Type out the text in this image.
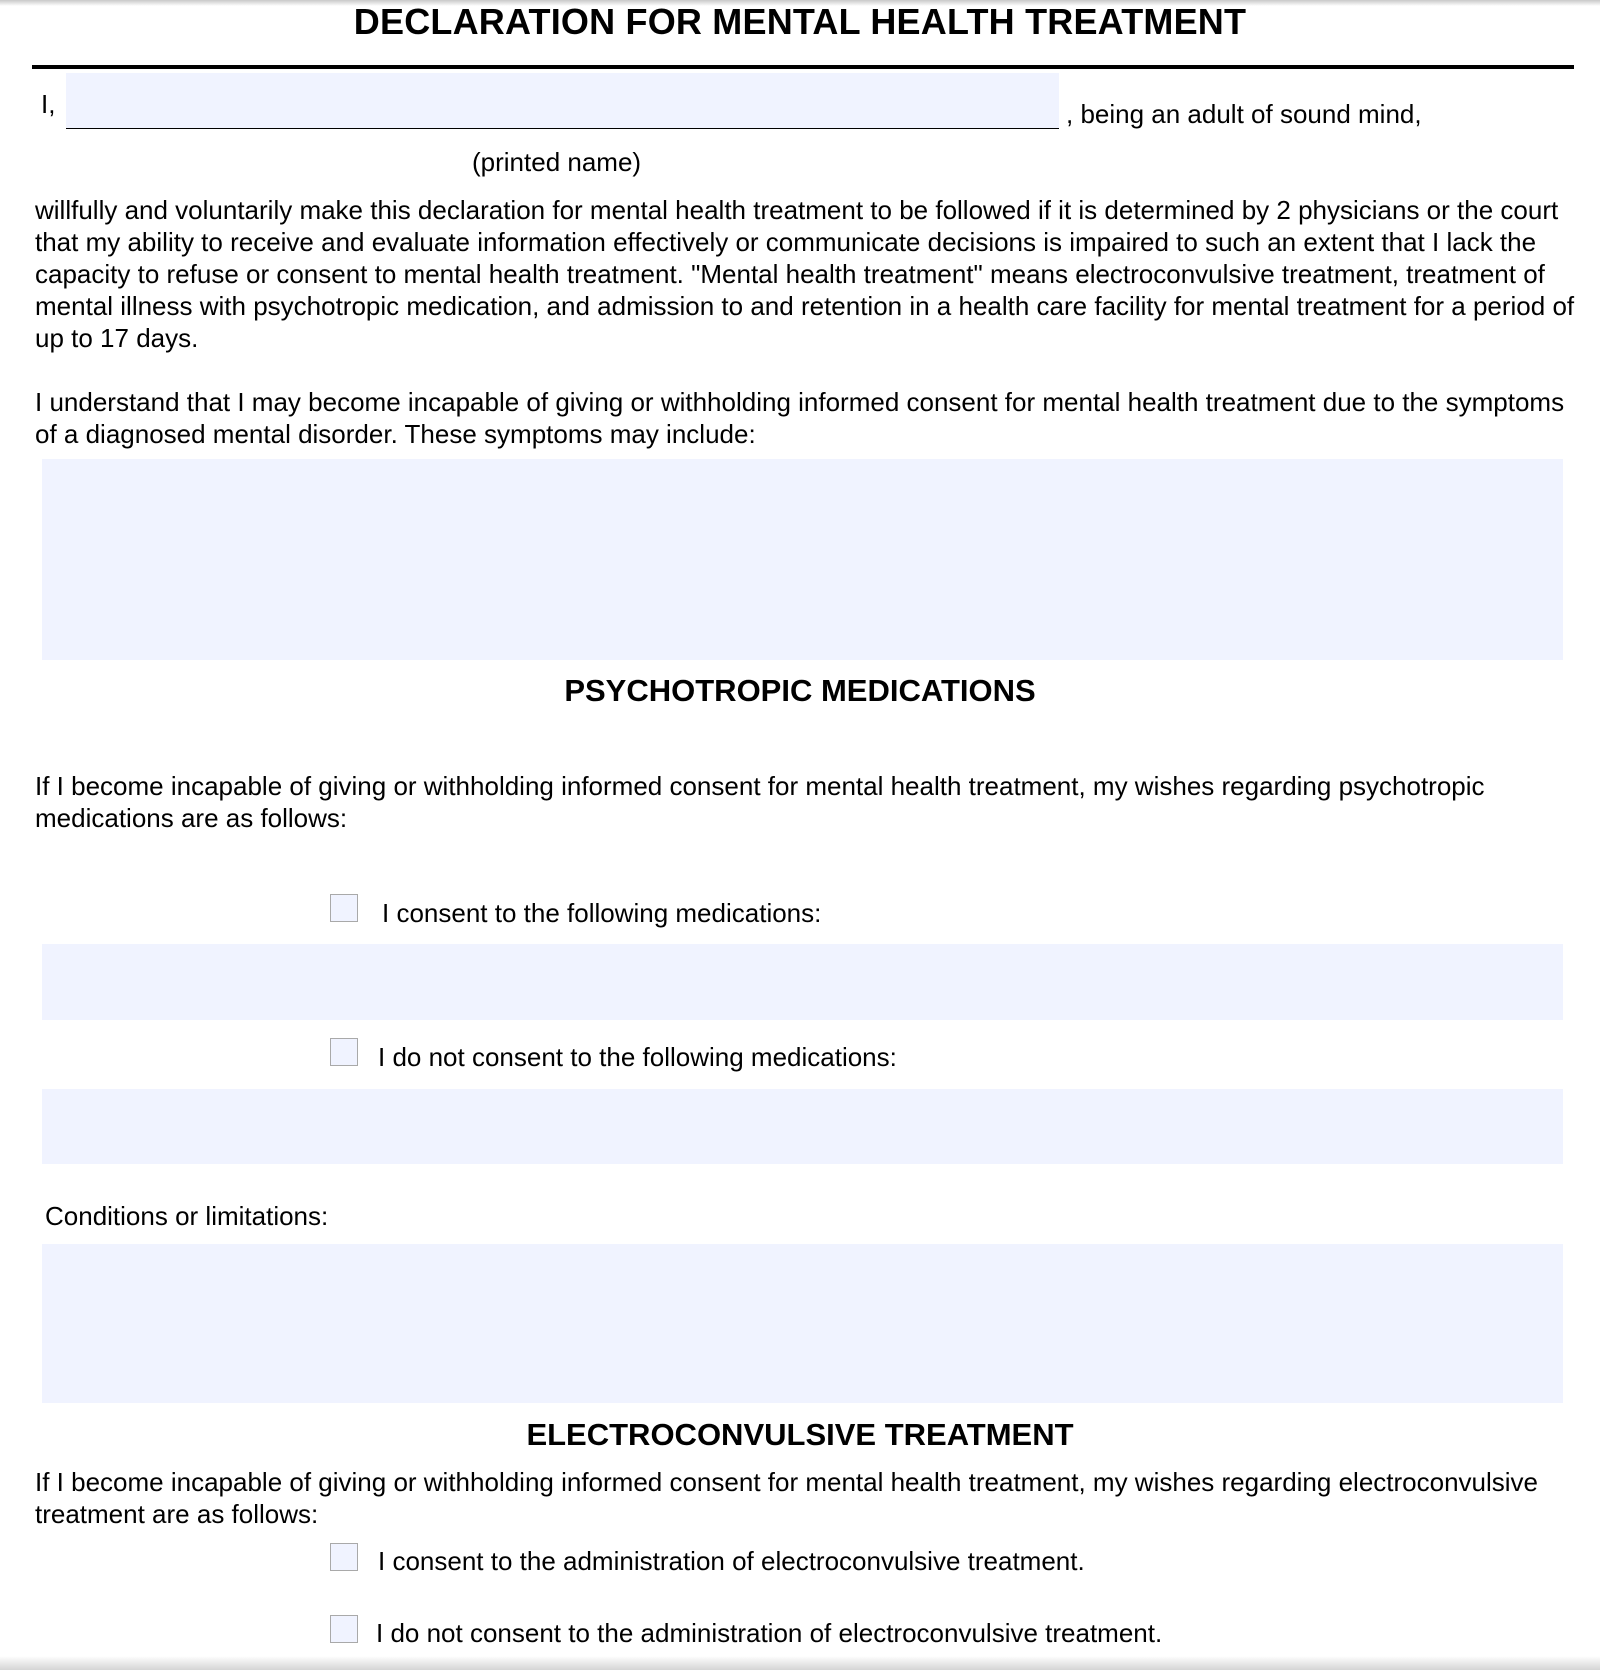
DECLARATION FOR MENTAL HEALTH TREATMENT
I,	, being an adult of sound mind,
(printed name)
willfully and voluntarily make this declaration for mental health treatment to be followed if it is determined by 2 physicians or the court that my ability to receive and evaluate information effectively or communicate decisions is impaired to such an extent that I lack the capacity to refuse or consent to mental health treatment. "Mental health treatment" means electroconvulsive treatment, treatment of mental illness with psychotropic medication, and admission to and retention in a health care facility for mental treatment for a period of up to 17 days.
I understand that I may become incapable of giving or withholding informed consent for mental health treatment due to the symptoms of a diagnosed mental disorder. These symptoms may include:
PSYCHOTROPIC MEDICATIONS
If I become incapable of giving or withholding informed consent for mental health treatment, my wishes regarding psychotropic medications are as follows:
I consent to the following medications:
I do not consent to the following medications:
Conditions or limitations:
ELECTROCONVULSIVE TREATMENT
If I become incapable of giving or withholding informed consent for mental health treatment, my wishes regarding electroconvulsive treatment are as follows:
I consent to the administration of electroconvulsive treatment.
I do not consent to the administration of electroconvulsive treatment.
